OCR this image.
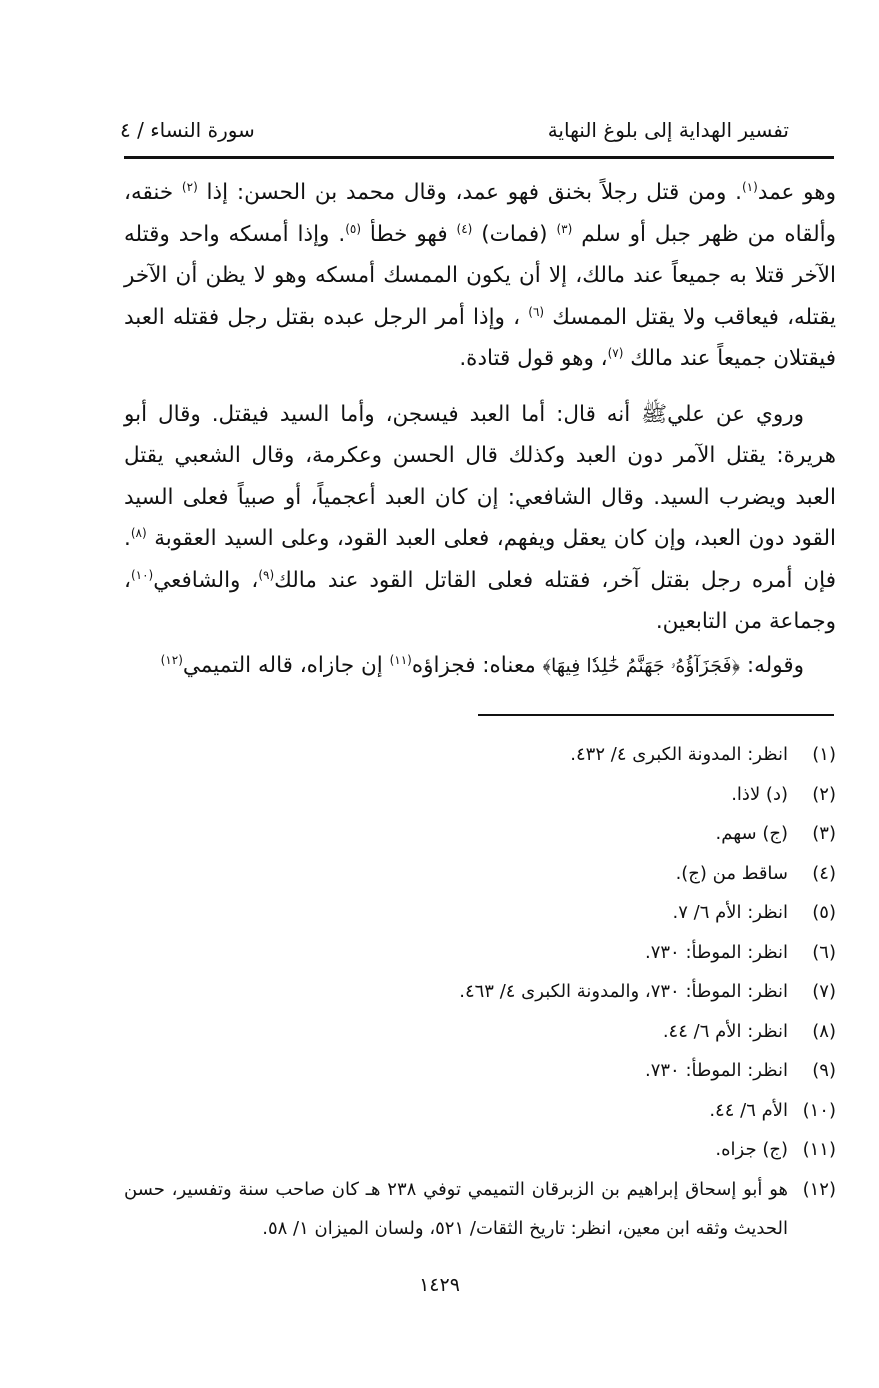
تفسير الهداية إلى بلوغ النهاية
سورة النساء / ٤

وهو عمد$^{(١)}$. ومن قتل رجلاً بخنق فهو عمد، وقال محمد بن الحسن: إذا $^{(٢)}$ خنقه، وألقاه من ظهر جبل أو سلم $^{(٣)}$ (فمات) $^{(٤)}$ فهو خطأ $^{(٥)}$. وإذا أمسكه واحد وقتله الآخر قتلا به جميعاً عند مالك، إلا أن يكون الممسك أمسكه وهو لا يظن أن الآخر يقتله، فيعاقب ولا يقتل الممسك $^{(٦)}$ ، وإذا أمر الرجل عبده بقتل رجل فقتله العبد فيقتلان جميعاً عند مالك $^{(٧)}$، وهو قول قتادة.

وروي عن عليﷺ أنه قال: أما العبد فيسجن، وأما السيد فيقتل. وقال أبو هريرة: يقتل الآمر دون العبد وكذلك قال الحسن وعكرمة، وقال الشعبي يقتل العبد ويضرب السيد. وقال الشافعي: إن كان العبد أعجمياً، أو صبياً فعلى السيد القود دون العبد، وإن كان يعقل ويفهم، فعلى العبد القود، وعلى السيد العقوبة $^{(٨)}$. فإن أمره رجل بقتل آخر، فقتله فعلى القاتل القود عند مالك$^{(٩)}$، والشافعي$^{(١٠)}$، وجماعة من التابعين.

وقوله: ﴿فَجَزَآؤُهُۥ جَهَنَّمُ خَٰلِدٗا فِيهَا﴾ معناه: فجزاؤه$^{(١١)}$ إن جازاه، قاله التميمي$^{(١٢)}$

(١)
انظر: المدونة الكبرى ٤/ ٤٣٢.
(٢)
(د) لاذا.
(٣)
(ج) سهم.
(٤)
ساقط من (ج).
(٥)
انظر: الأم ٦/ ٧.
(٦)
انظر: الموطأ: ٧٣٠.
(٧)
انظر: الموطأ: ٧٣٠، والمدونة الكبرى ٤/ ٤٦٣.
(٨)
انظر: الأم ٦/ ٤٤.
(٩)
انظر: الموطأ: ٧٣٠.
(١٠)
الأم ٦/ ٤٤.
(١١)
(ج) جزاه.
(١٢)
هو أبو إسحاق إبراهيم بن الزبرقان التميمي توفي ٢٣٨ هـ كان صاحب سنة وتفسير، حسن الحديث وثقه ابن معين، انظر: تاريخ الثقات/ ٥٢١، ولسان الميزان ١/ ٥٨.
١٤٢٩
